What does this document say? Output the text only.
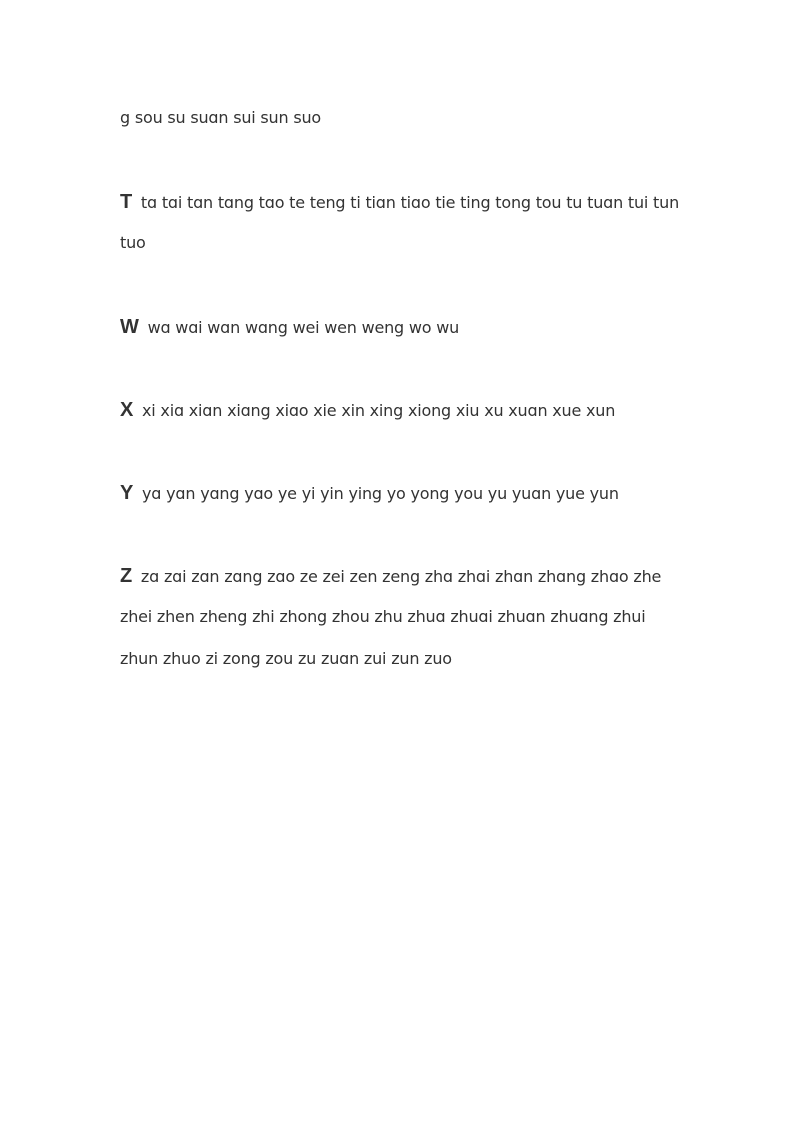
g sou su suɑn sui sun suo
T tɑ tɑi tɑn tɑng tɑo te teng ti tiɑn tiɑo tie ting tong tou tu tuɑn tui tun
tuo
W wɑ wɑi wɑn wɑng wei wen weng wo wu
X xi xiɑ xiɑn xiɑng xiɑo xie xin xing xiong xiu xu xuɑn xue xun
Y yɑ yɑn yɑng yɑo ye yi yin ying yo yong you yu yuɑn yue yun
Z zɑ zɑi zɑn zɑng zɑo ze zei zen zeng zhɑ zhɑi zhɑn zhɑng zhɑo zhe
zhei zhen zheng zhi zhong zhou zhu zhuɑ zhuɑi zhuɑn zhuɑng zhui
zhun zhuo zi zong zou zu zuɑn zui zun zuo
